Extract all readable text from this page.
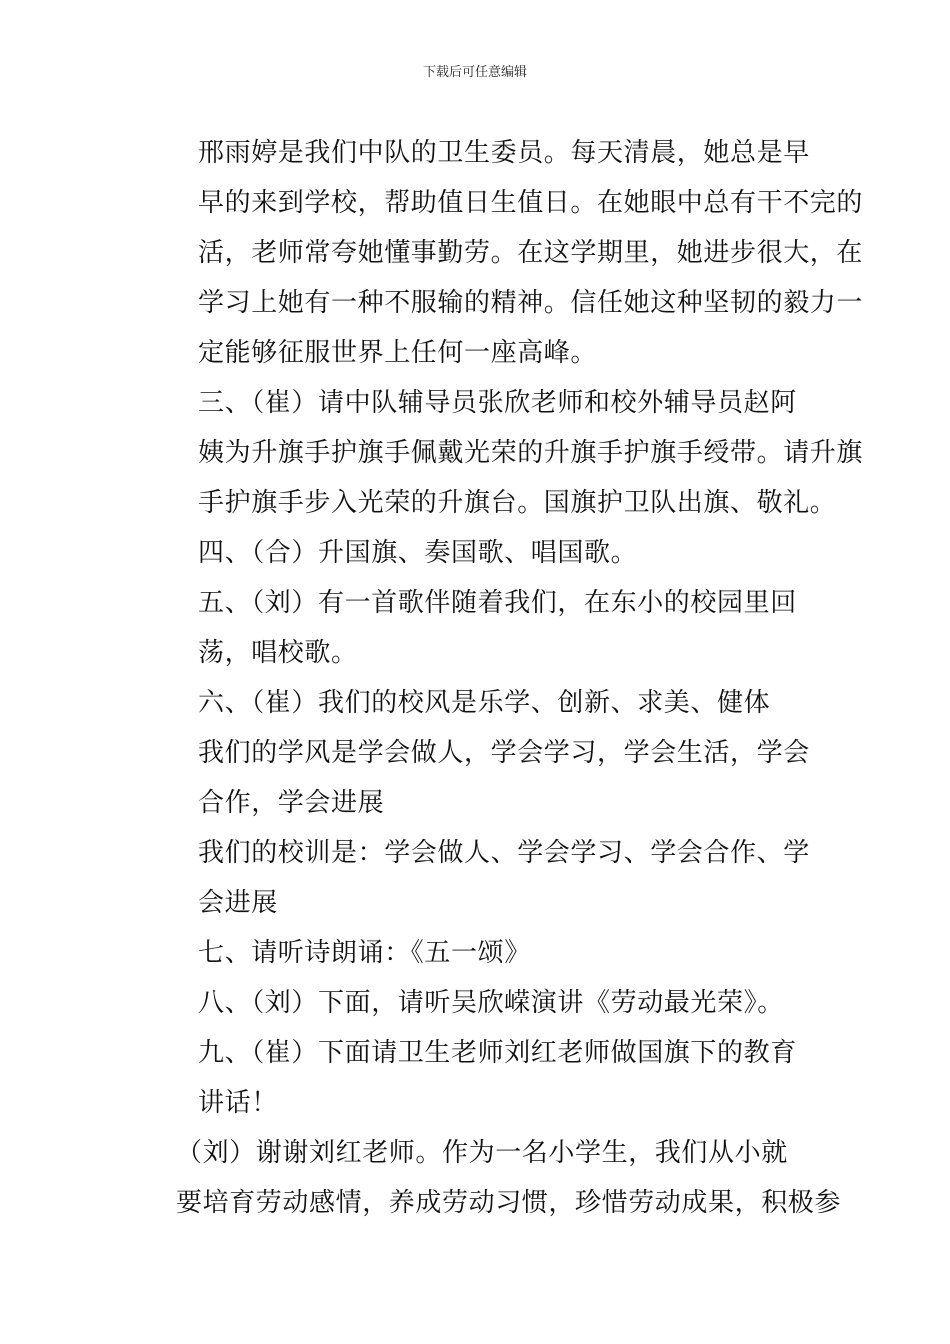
下载后可任意编辑

邢雨婷是我们中队的卫生委员。每天清晨，她总是早
早的来到学校，帮助值日生值日。在她眼中总有干不完的
活，老师常夸她懂事勤劳。在这学期里，她进步很大，在
学习上她有一种不服输的精神。信任她这种坚韧的毅力一
定能够征服世界上任何一座高峰。

三、（崔）请中队辅导员张欣老师和校外辅导员赵阿
姨为升旗手护旗手佩戴光荣的升旗手护旗手绶带。请升旗
手护旗手步入光荣的升旗台。国旗护卫队出旗、敬礼。

四、（合）升国旗、奏国歌、唱国歌。

五、（刘）有一首歌伴随着我们，在东小的校园里回
荡，唱校歌。

六、（崔）我们的校风是乐学、创新、求美、健体

我们的学风是学会做人，学会学习，学会生活，学会
合作，学会进展

我们的校训是：学会做人、学会学习、学会合作、学
会进展

七、请听诗朗诵：《五一颂》

八、（刘）下面，请听吴欣嵘演讲《劳动最光荣》。

九、（崔）下面请卫生老师刘红老师做国旗下的教育
讲话！

（刘）谢谢刘红老师。作为一名小学生，我们从小就
要培育劳动感情，养成劳动习惯，珍惜劳动成果，积极参
